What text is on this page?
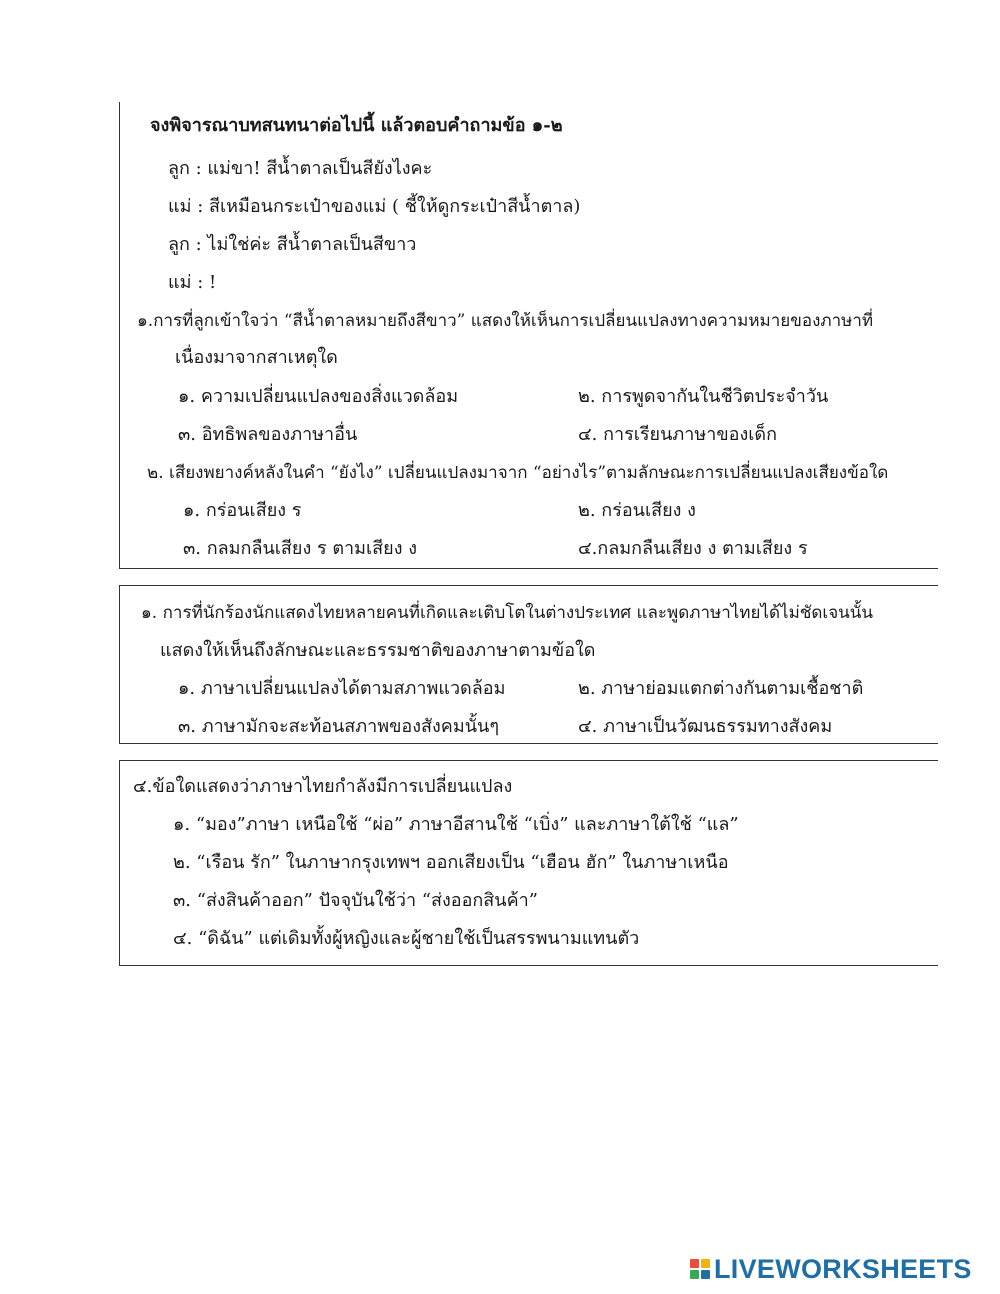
จงพิจารณาบทสนทนาต่อไปนี้ แล้วตอบคำถามข้อ ๑-๒
ลูก : แม่ขา! สีน้ำตาลเป็นสียังไงคะ
แม่ : สีเหมือนกระเป๋าของแม่ ( ชี้ให้ดูกระเป๋าสีน้ำตาล)
ลูก : ไม่ใช่ค่ะ สีน้ำตาลเป็นสีขาว
แม่ : !
๑.การที่ลูกเข้าใจว่า “สีน้ำตาลหมายถึงสีขาว” แสดงให้เห็นการเปลี่ยนแปลงทางความหมายของภาษาที่
เนื่องมาจากสาเหตุใด
๑. ความเปลี่ยนแปลงของสิ่งแวดล้อม	๒. การพูดจากันในชีวิตประจำวัน
๓. อิทธิพลของภาษาอื่น	๔. การเรียนภาษาของเด็ก
๒. เสียงพยางค์หลังในคำ “ยังไง” เปลี่ยนแปลงมาจาก “อย่างไร”ตามลักษณะการเปลี่ยนแปลงเสียงข้อใด
๑. กร่อนเสียง ร	๒. กร่อนเสียง ง
๓. กลมกลืนเสียง ร ตามเสียง ง	๔.กลมกลืนเสียง ง ตามเสียง ร
๑. การที่นักร้องนักแสดงไทยหลายคนที่เกิดและเติบโตในต่างประเทศ และพูดภาษาไทยได้ไม่ชัดเจนนั้น
แสดงให้เห็นถึงลักษณะและธรรมชาติของภาษาตามข้อใด
๑. ภาษาเปลี่ยนแปลงได้ตามสภาพแวดล้อม	๒. ภาษาย่อมแตกต่างกันตามเชื้อชาติ
๓. ภาษามักจะสะท้อนสภาพของสังคมนั้นๆ	๔. ภาษาเป็นวัฒนธรรมทางสังคม
๔.ข้อใดแสดงว่าภาษาไทยกำลังมีการเปลี่ยนแปลง
๑. “มอง”ภาษา เหนือใช้ “ผ่อ” ภาษาอีสานใช้ “เบิ่ง” และภาษาใต้ใช้ “แล”
๒. “เรือน รัก” ในภาษากรุงเทพฯ ออกเสียงเป็น “เฮือน ฮัก” ในภาษาเหนือ
๓. “ส่งสินค้าออก” ปัจจุบันใช้ว่า “ส่งออกสินค้า”
๔. “ดิฉัน” แต่เดิมทั้งผู้หญิงและผู้ชายใช้เป็นสรรพนามแทนตัว
LIVEWORKSHEETS
